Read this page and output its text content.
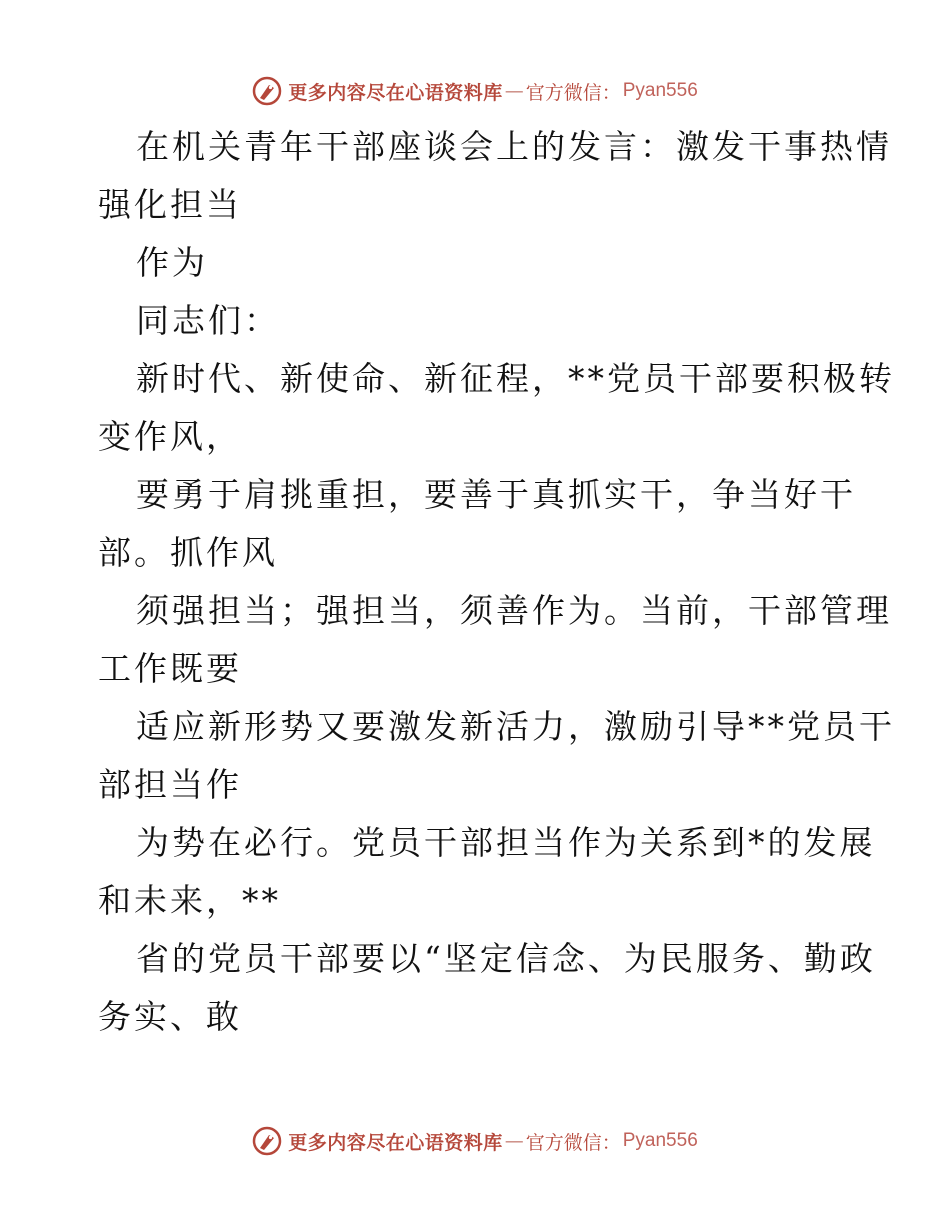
更多内容尽在心语资料库 — 官方微信： Pyan556
在机关青年干部座谈会上的发言：激发干事热情
强化担当
作为
同志们：
新时代、新使命、新征程，**党员干部要积极转
变作风，
要勇于肩挑重担，要善于真抓实干，争当好干
部。抓作风
须强担当；强担当，须善作为。当前，干部管理
工作既要
适应新形势又要激发新活力，激励引导**党员干
部担当作
为势在必行。党员干部担当作为关系到*的发展
和未来，**
省的党员干部要以“坚定信念、为民服务、勤政
务实、敢
更多内容尽在心语资料库 — 官方微信： Pyan556
